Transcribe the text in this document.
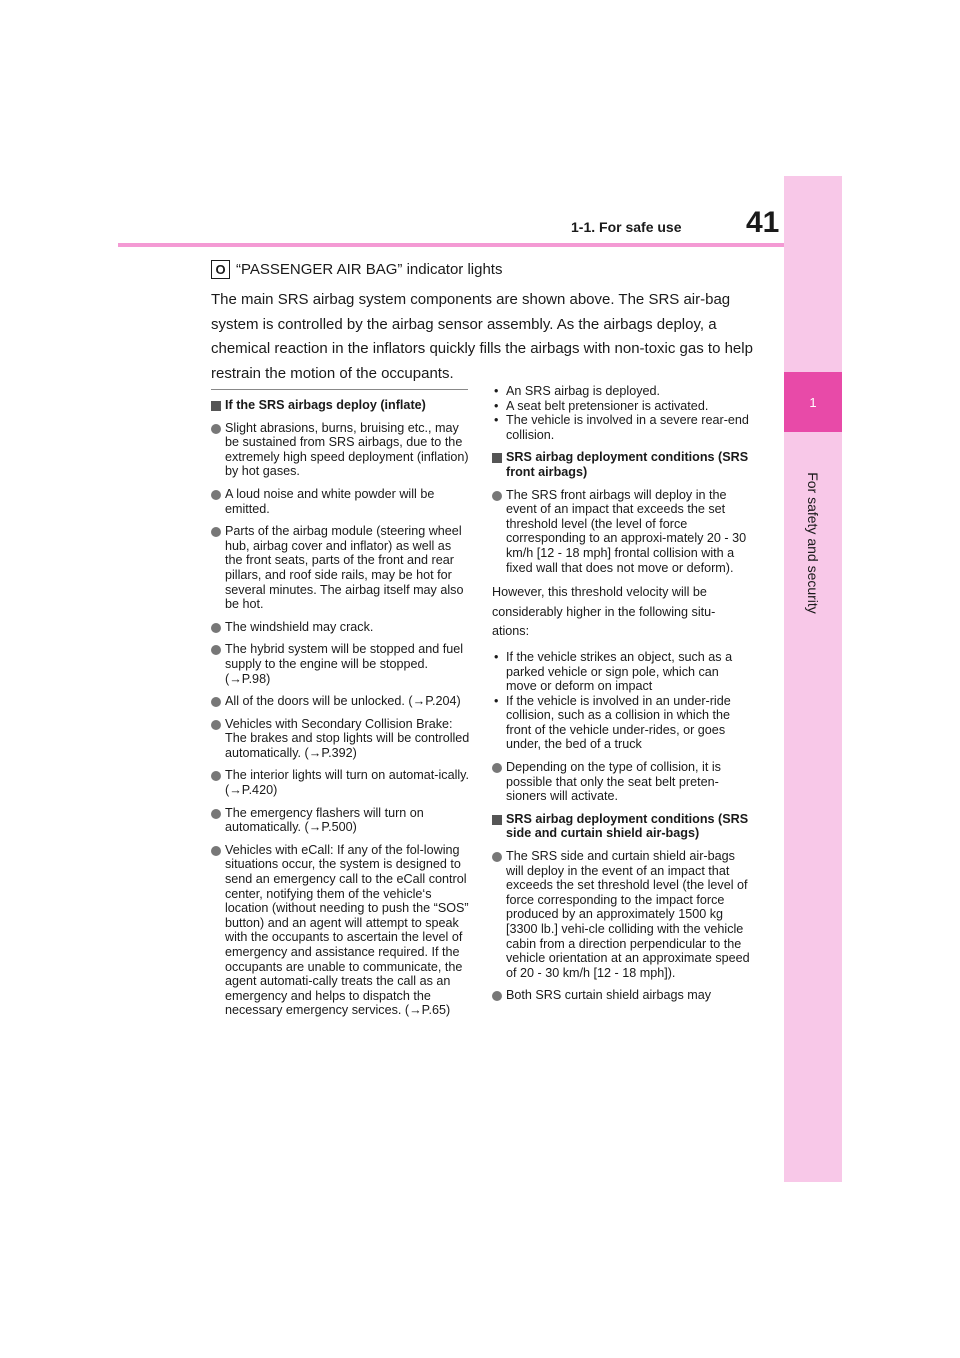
1
For safety and security
1-1. For safe use 41
O “PASSENGER AIR BAG” indicator lights

The main SRS airbag system components are shown above. The SRS air-bag system is controlled by the airbag sensor assembly. As the airbags deploy, a chemical reaction in the inflators quickly fills the airbags with non-toxic gas to help restrain the motion of the occupants.

If the SRS airbags deploy (inflate)
Slight abrasions, burns, bruising etc., may be sustained from SRS airbags, due to the extremely high speed deployment (inflation) by hot gases.
A loud noise and white powder will be emitted.
Parts of the airbag module (steering wheel hub, airbag cover and inflator) as well as the front seats, parts of the front and rear pillars, and roof side rails, may be hot for several minutes. The airbag itself may also be hot.
The windshield may crack.
The hybrid system will be stopped and fuel supply to the engine will be stopped. (→P.98)
All of the doors will be unlocked. (→P.204)
Vehicles with Secondary Collision Brake: The brakes and stop lights will be controlled automatically. (→P.392)
The interior lights will turn on automat-ically. (→P.420)
The emergency flashers will turn on automatically. (→P.500)
Vehicles with eCall: If any of the fol-lowing situations occur, the system is designed to send an emergency call to the eCall control center, notifying them of the vehicle‘s location (without needing to push the “SOS” button) and an agent will attempt to speak with the occupants to ascertain the level of emergency and assistance required. If the occupants are unable to communicate, the agent automati-cally treats the call as an emergency and helps to dispatch the necessary emergency services. (→P.65)
• An SRS airbag is deployed.
• A seat belt pretensioner is activated.
• The vehicle is involved in a severe rear-end collision.
SRS airbag deployment conditions (SRS front airbags)
The SRS front airbags will deploy in the event of an impact that exceeds the set threshold level (the level of force corresponding to an approxi-mately 20 - 30 km/h [12 - 18 mph] frontal collision with a fixed wall that does not move or deform).

However, this threshold velocity will be considerably higher in the following situ-ations:

• If the vehicle strikes an object, such as a parked vehicle or sign pole, which can move or deform on impact
• If the vehicle is involved in an under-ride collision, such as a collision in which the front of the vehicle under-rides, or goes under, the bed of a truck
Depending on the type of collision, it is possible that only the seat belt preten-sioners will activate.
SRS airbag deployment conditions (SRS side and curtain shield air-bags)
The SRS side and curtain shield air-bags will deploy in the event of an impact that exceeds the set threshold level (the level of force corresponding to the impact force produced by an approximately 1500 kg [3300 lb.] vehi-cle colliding with the vehicle cabin from a direction perpendicular to the vehicle orientation at an approximate speed of 20 - 30 km/h [12 - 18 mph]).
Both SRS curtain shield airbags may
